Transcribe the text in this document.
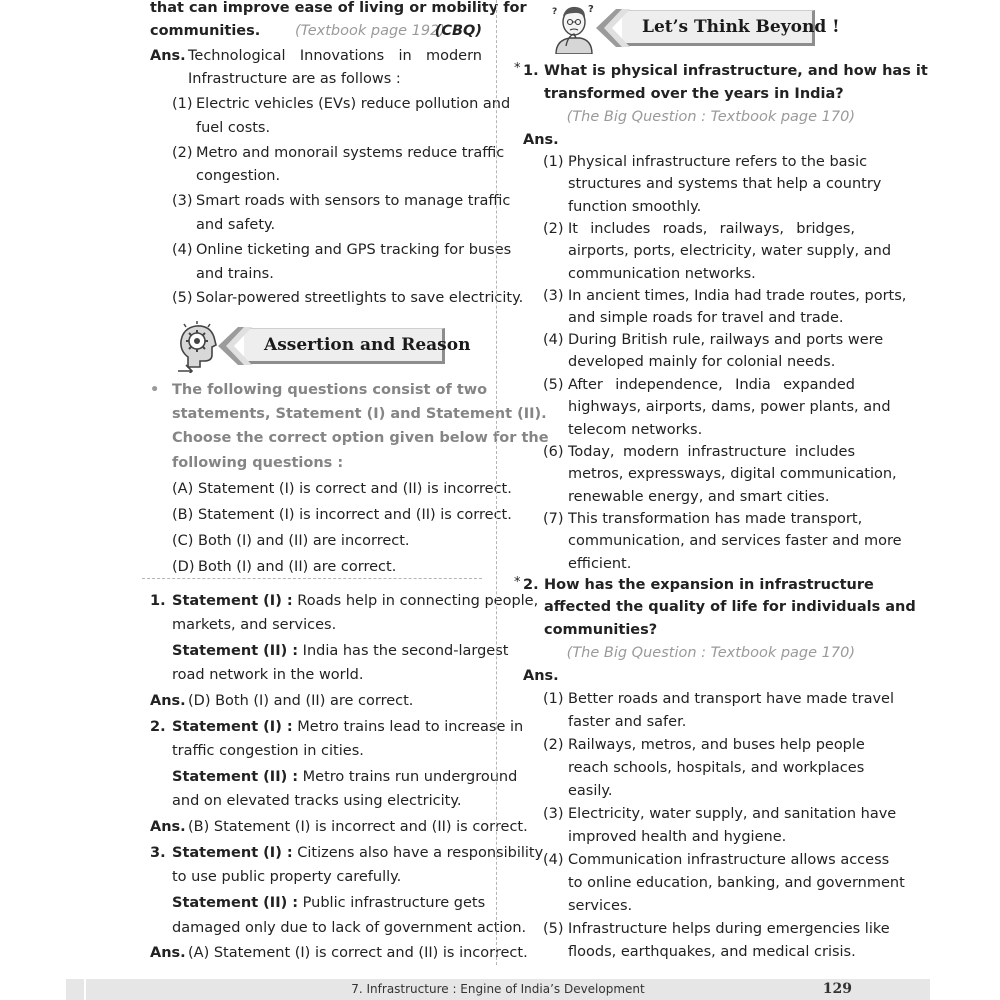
that can improve ease of living or mobility for
communities. (Textbook page 192)
(CBQ)
Ans. Technological Innovations in modern
Infrastructure are as follows :
(1) Electric vehicles (EVs) reduce pollution and
fuel costs.
(2) Metro and monorail systems reduce traffic
congestion.
(3) Smart roads with sensors to manage traffic
and safety.
(4) Online ticketing and GPS tracking for buses
and trains.
(5) Solar-powered streetlights to save electricity.
Assertion and Reason
• The following questions consist of two
statements, Statement (I) and Statement (II).
Choose the correct option given below for the
following questions :
(A) Statement (I) is correct and (II) is incorrect.
(B) Statement (I) is incorrect and (II) is correct.
(C) Both (I) and (II) are incorrect.
(D) Both (I) and (II) are correct.
1. Statement (I) : Roads help in connecting people,
markets, and services.
Statement (II) : India has the second-largest
road network in the world.
Ans. (D) Both (I) and (II) are correct.
2. Statement (I) : Metro trains lead to increase in
traffic congestion in cities.
Statement (II) : Metro trains run underground
and on elevated tracks using electricity.
Ans. (B) Statement (I) is incorrect and (II) is correct.
3. Statement (I) : Citizens also have a responsibility
to use public property carefully.
Statement (II) : Public infrastructure gets
damaged only due to lack of government action.
Ans. (A) Statement (I) is correct and (II) is incorrect.
?
?
Let’s Think Beyond !
* 1. What is physical infrastructure, and how has it
transformed over the years in India?
(The Big Question : Textbook page 170)
Ans.
(1) Physical infrastructure refers to the basic
structures and systems that help a country
function smoothly.
(2) It includes roads, railways, bridges,
airports, ports, electricity, water supply, and
communication networks.
(3) In ancient times, India had trade routes, ports,
and simple roads for travel and trade.
(4) During British rule, railways and ports were
developed mainly for colonial needs.
(5) After independence, India expanded
highways, airports, dams, power plants, and
telecom networks.
(6) Today, modern infrastructure includes
metros, expressways, digital communication,
renewable energy, and smart cities.
(7) This transformation has made transport,
communication, and services faster and more
efficient.
* 2. How has the expansion in infrastructure
affected the quality of life for individuals and
communities?
(The Big Question : Textbook page 170)
Ans.
(1) Better roads and transport have made travel
faster and safer.
(2) Railways, metros, and buses help people
reach schools, hospitals, and workplaces
easily.
(3) Electricity, water supply, and sanitation have
improved health and hygiene.
(4) Communication infrastructure allows access
to online education, banking, and government
services.
(5) Infrastructure helps during emergencies like
floods, earthquakes, and medical crisis.
7. Infrastructure : Engine of India’s Development	129
